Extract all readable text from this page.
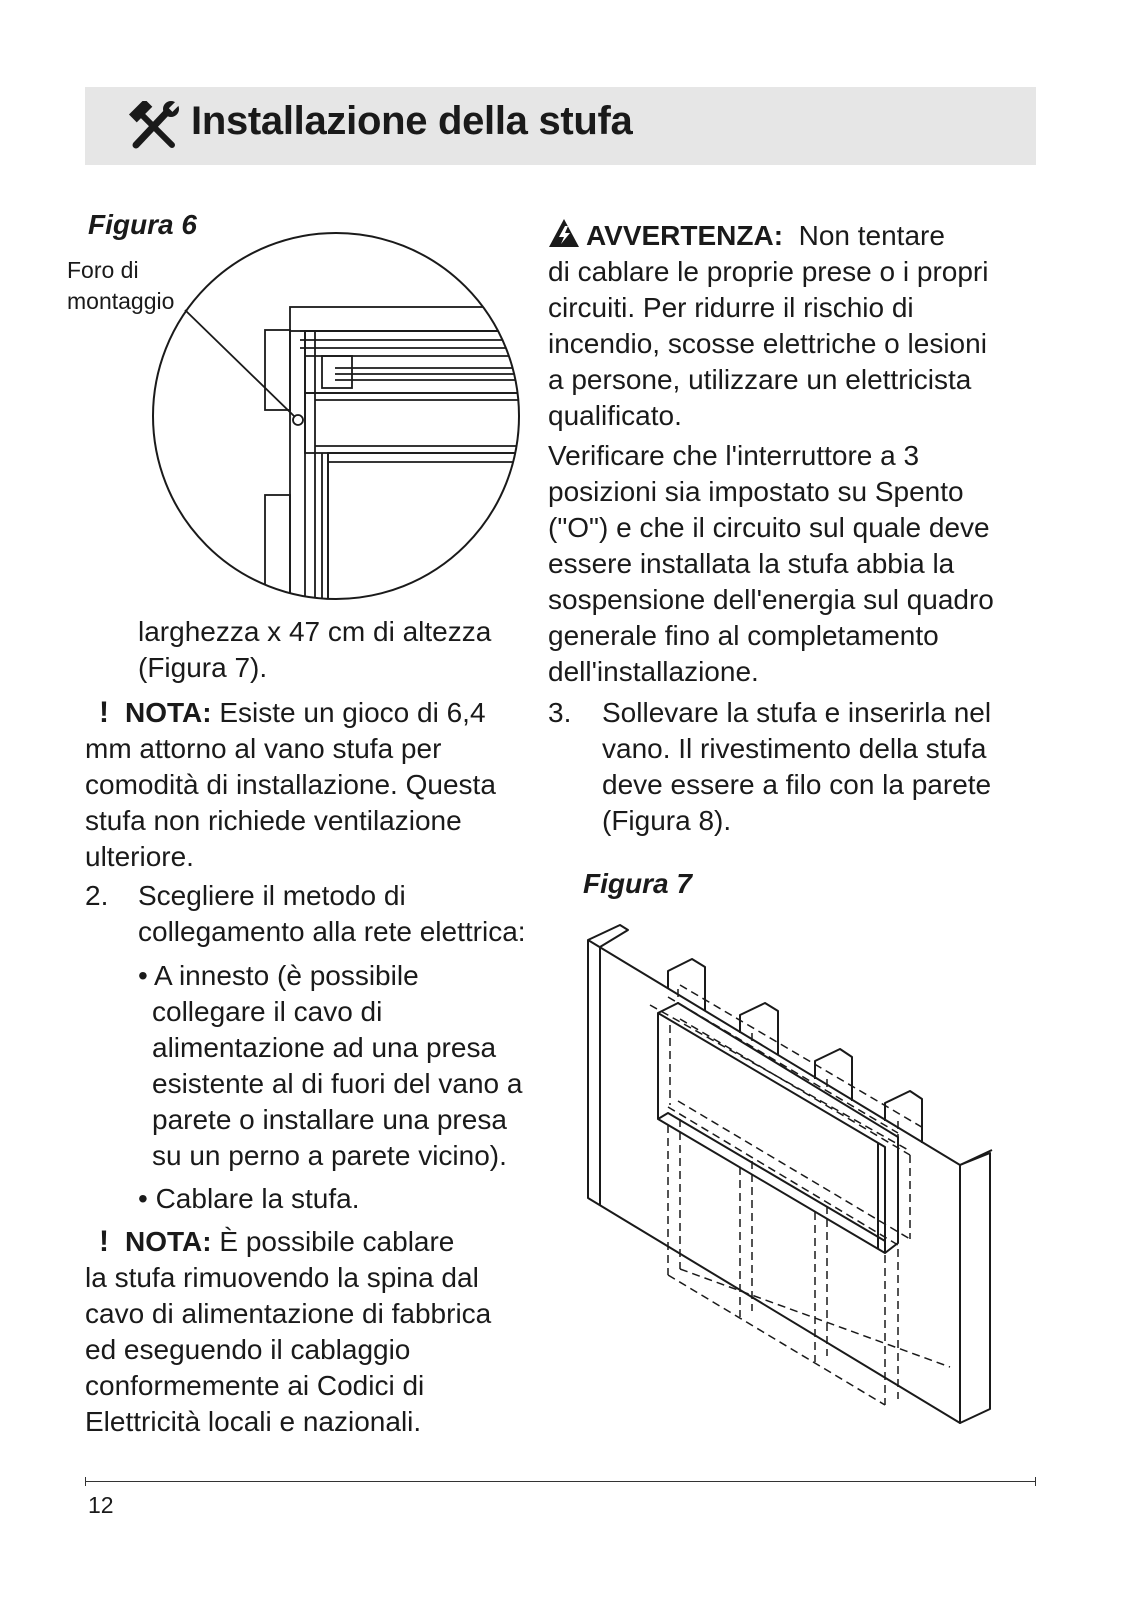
Installazione della stufa
Figura 6
Foro di
montaggio

larghezza x 47 cm di altezza
(Figura 7).

! NOTA: Esiste un gioco di 6,4
mm attorno al vano stufa per
comodità di installazione. Questa
stufa non richiede ventilazione
ulteriore.

2. Scegliere il metodo di
collegamento alla rete elettrica:

• A innesto (è possibile
collegare il cavo di
alimentazione ad una presa
esistente al di fuori del vano a
parete o installare una presa
su un perno a parete vicino).

• Cablare la stufa.

! NOTA: È possibile cablare
la stufa rimuovendo la spina dal
cavo di alimentazione di fabbrica
ed eseguendo il cablaggio
conformemente ai Codici di
Elettricità locali e nazionali.

AVVERTENZA: Non tentare
di cablare le proprie prese o i propri
circuiti. Per ridurre il rischio di
incendio, scosse elettriche o lesioni
a persone, utilizzare un elettricista
qualificato.

Verificare che l'interruttore a 3
posizioni sia impostato su Spento
("O") e che il circuito sul quale deve
essere installata la stufa abbia la
sospensione dell'energia sul quadro
generale fino al completamento
dell'installazione.

3. Sollevare la stufa e inserirla nel
vano. Il rivestimento della stufa
deve essere a filo con la parete
(Figura 8).

Figura 7
12
